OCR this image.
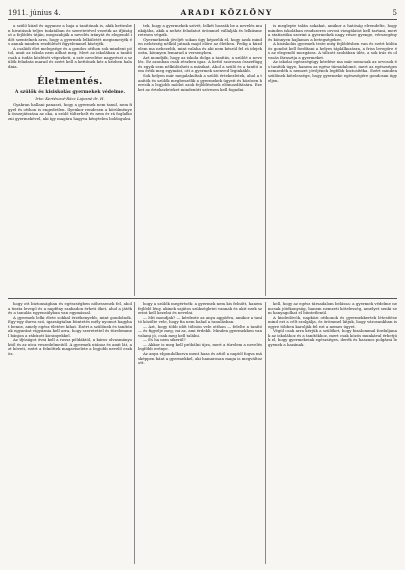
1911. június 4.	ARADI KÖZLÖNY	5

a szülő küzd és ugyanez a baja a tanítónak is, akik kettesben hivatásuk teljes tudatában és szeretetével vezetik az ifjúságot a fejlődés útján, megszabják a nevelés irányát és elegendő időt szentelnek arra, hogy a gyermek lelkületét megismerjék és annak minden rezdülését figyelemmel kísérjék.

A családi élet melegsége és a gondos otthon sok mindent pótol, amit az iskola nem adhat meg. Mert az iskolában a tanító csak a tudás közlését végezheti, a szív nevelése nagyrészt a szülők feladata marad és ezért kell a kettőnek kéz a kézben haladnia.

Életmentés.
A szülők és kisiskolás gyermekek védelme.
Irta: Kertészné-Rácz Lajosné dr. H.

Gyakran hallani panaszt, hogy a gyermek nem tanul, nem figyel és otthon is engedetlen. Ilyenkor rendesen a körülmények összejátszása az oka, a szülő túlterhelt és nem ér rá foglalkozni gyermekével, aki így magára hagyva kénytelen boldogulni.

tek, hogy a gyermekek szívét, lelkét hozzák be a nevelés munkájába, akik a nehéz feladatot örömmel vállalják és lelkiismeretesen végzik.

Gyermekeink jövőjét sokan úgy képzelik el, hogy azok minden nehézség nélkül jutnak majd előre az életben. Pedig a küzdelem ma nehezebb, mint valaha és aki nem készül fel rá idejekorán, könnyen lemarad a versenyben.

Azt mondják, hogy az iskola dolga a tanítás, a szülőé a nevelés. Ez azonban csak részben igaz. A kettő szorosan összefügg és egyik sem nélkülözheti a másikat. Ahol a szülő és a tanító nem értik meg egymást, ott a gyermek szenved leginkább.

Sok helyen már megalakultak a szülői értekezletek, ahol a tanítók és szülők megbeszélik a gyermekek ügyeit és közösen keresik a legjobb módot azok fejlődésének előmozdítására. Ezeket az értekezleteket mindenütt szívesen kell fogadni.

is meglepte talán sokakat, amikor a hatóság elrendelte, hogy minden iskolában rendszeres orvosi vizsgálatot kell tartani, mert a statisztika szerint a gyermekek nagy része gyenge, vérszegény és könnyen hajlamos a betegségekre.

A kisiskolás gyermek teste még fejlődésben van és ezért különös gondot kell fordítani a helyes táplálkozásra, a friss levegőre és az elegendő mozgásra. A túlzott szobában ülés, a sok írás és olvasás fárasztja a gyermeket.

Az iskolai egészségügy kérdése ma már nemcsak az orvosok és tanítók ügye, hanem az egész társadalomé, mert az egészséges nemzedék a nemzet jövőjének legfőbb biztosítéka. Ezért minden szülőnek kötelessége, hogy gyermeke egészségére gondosan ügyeljen.

hogy ott biztonságban és egészségben nőhessenek fel, ahol a tiszta levegő és a napfény szabadon érheti őket, ahol a játék és a tanulás egyensúlyban van egymással.

A gyermek lelki élete sokkal érzékenyebb, mint gondolnók. Egy-egy durva szó, igazságtalan büntetés mély nyomot hagyhat benne, amely egész életére kihat. Ezért a szülőnek és tanítónak egyaránt vigyáznia kell arra, hogy szeretettel és türelemmel bánjon a rábízott kicsinyekkel.

Az ifjúságot óvni kell a rossz példáktól, a káros olvasmányoktól és az utca veszedelmeitől. A gyermek utánoz és amit lát, azt követi, ezért a felnőttek magaviselete a legjobb nevelő eszköz.

hogy a szülők megértsék: a gyermek nem kis felnőtt, hanem fejlődő lény, akinek sajátos szükségletei vannak és akit ezek szerint kell kezelni és nevelni.

— Mit mondjak? — kérdezte az anya aggódva, amikor a tanító közölte vele, hogy fia nem halad a tanulásban.

— Azt, hogy több időt töltsön vele otthon — felelte a tanító — és figyelje meg, mi az, ami érdekli. Minden gyermekben van valami jó, csak meg kell találni.

— És ha nem sikerül?

— Akkor is meg kell próbálni újra, mert a türelem a nevelés legfőbb erénye.

Az anya elgondolkozva ment haza és attól a naptól fogva másképpen bánt a gyermekkel, aki hamarosan maga is megváltozott.

kell, hogy az egész társadalom belássa: a gyermek védelme nemcsak jótékonyság, hanem nemzeti kötelesség, amelyet senki sem hanyagolhat el büntetlenül.

A kisdedóvók, napközi otthonok és gyermekkertek létesítése mind ezt a célt szolgálja, és örömmel látjuk, hogy városunkban is egyre többen karolják fel ezt a nemes ügyet.

Végül csak arra kérjük a szülőket, hogy bizalommal forduljanak az iskolához és a tanítókhoz, mert csak közös munkával érhetjük el, hogy gyermekeink egészséges, derék és hasznos polgárai legyenek a hazának.
